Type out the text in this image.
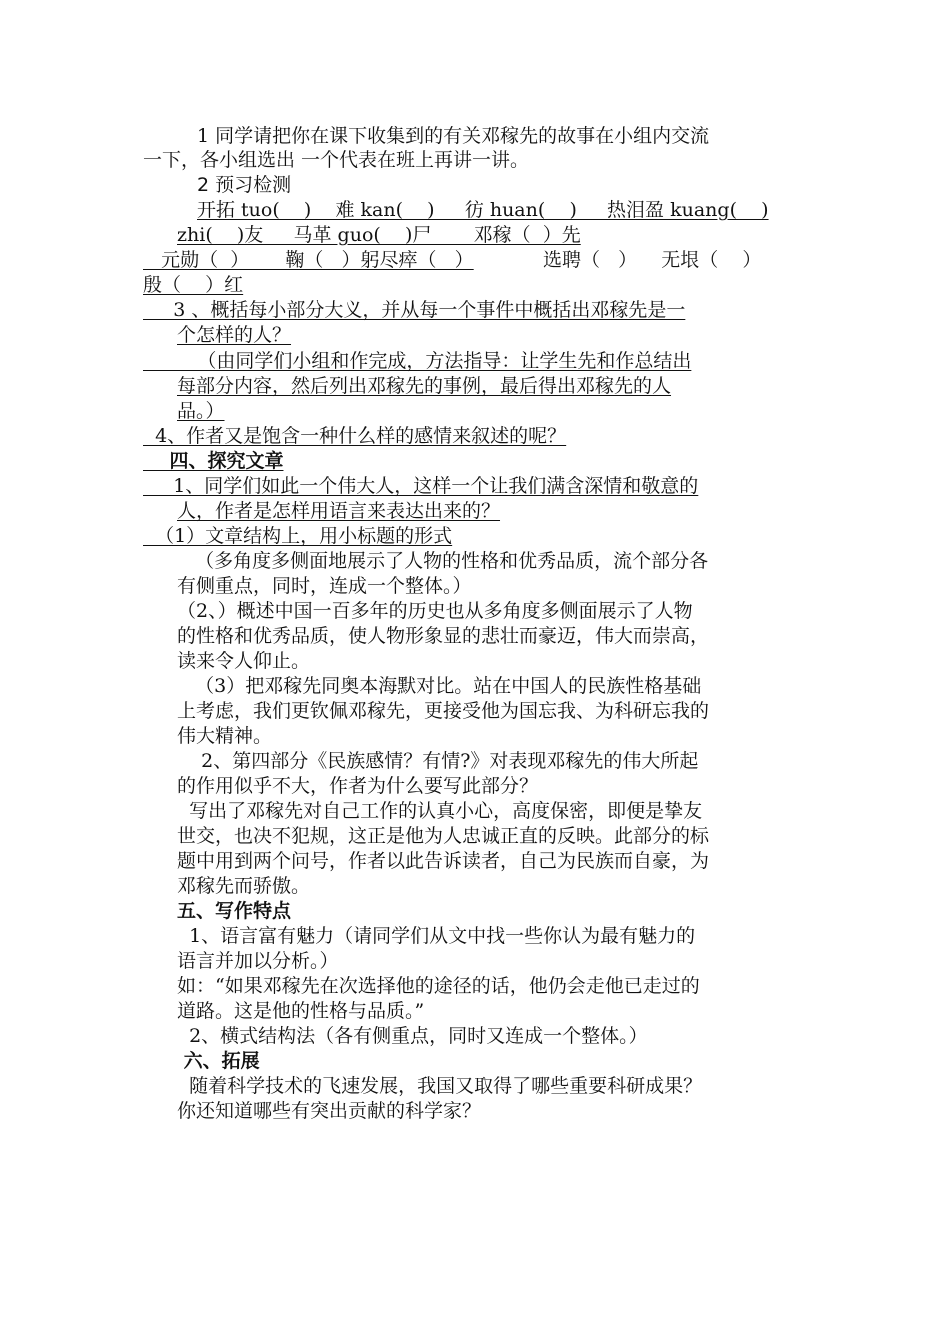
1 同学请把你在课下收集到的有关邓稼先的故事在小组内交流
一下，各小组选出 一个代表在班上再讲一讲。
2 预习检测
开拓 tuo(    )    难 kan(    )     彷 huan(    )     热泪盈 kuang(    )
zhi(    )友     马革 guo(    )尸       邓稼（  ）先
元勋（  ）      鞠（   ）躬尽瘁（   ）	选聘（   ）    无垠（    ）
殷（    ）红
3 、概括每小部分大义，并从每一个事件中概括出邓稼先是一
个怎样的人？
（由同学们小组和作完成，方法指导：让学生先和作总结出
每部分内容，然后列出邓稼先的事例，最后得出邓稼先的人
品。）
4、作者又是饱含一种什么样的感情来叙述的呢？
四、探究文章
1、同学们如此一个伟大人，这样一个让我们满含深情和敬意的
人，作者是怎样用语言来表达出来的？
（1）文章结构上，用小标题的形式
（多角度多侧面地展示了人物的性格和优秀品质，流个部分各
有侧重点，同时，连成一个整体。）
（2、）概述中国一百多年的历史也从多角度多侧面展示了人物
的性格和优秀品质，使人物形象显的悲壮而豪迈，伟大而崇高，
读来令人仰止。
（3）把邓稼先同奥本海默对比。站在中国人的民族性格基础
上考虑，我们更钦佩邓稼先，更接受他为国忘我、为科研忘我的
伟大精神。
2、第四部分《民族感情？有情?》对表现邓稼先的伟大所起
的作用似乎不大，作者为什么要写此部分？
写出了邓稼先对自己工作的认真小心，高度保密，即便是挚友
世交，也决不犯规，这正是他为人忠诚正直的反映。此部分的标
题中用到两个问号，作者以此告诉读者，自己为民族而自豪，为
邓稼先而骄傲。
五、写作特点
1、语言富有魅力（请同学们从文中找一些你认为最有魅力的
语言并加以分析。）
如：“如果邓稼先在次选择他的途径的话，他仍会走他已走过的
道路。这是他的性格与品质。”
2、横式结构法（各有侧重点，同时又连成一个整体。）
六、拓展
随着科学技术的飞速发展，我国又取得了哪些重要科研成果？
你还知道哪些有突出贡献的科学家？
